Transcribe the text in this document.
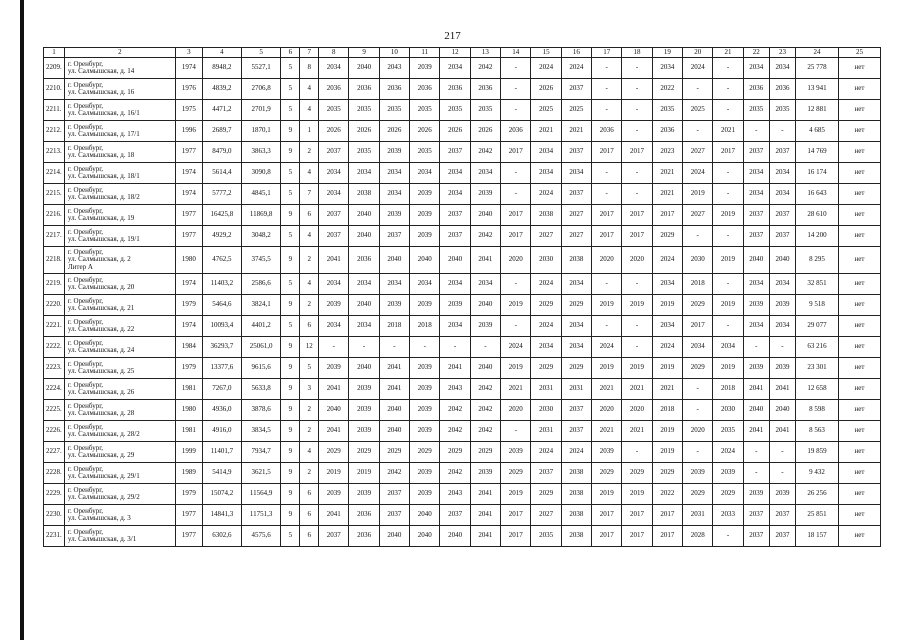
217
1	2	3	4	5	6	7	8	9	10	11	12	13	14	15	16	17	18	19	20	21	22	23	24	25
2209.	г. Оренбург,
ул. Салмышская, д. 14	1974	8948,2	5527,1	5	8	2034	2040	2043	2039	2034	2042	-	2024	2024	-	-	2034	2024	-	2034	2034	25 778	нет
2210.	г. Оренбург,
ул. Салмышская, д. 16	1976	4839,2	2706,8	5	4	2036	2036	2036	2036	2036	2036	-	2026	2037	-	-	2022	-	-	2036	2036	13 941	нет
2211.	г. Оренбург,
ул. Салмышская, д. 16/1	1975	4471,2	2701,9	5	4	2035	2035	2035	2035	2035	2035	-	2025	2025	-	-	2035	2025	-	2035	2035	12 881	нет
2212.	г. Оренбург,
ул. Салмышская, д. 17/1	1996	2689,7	1870,1	9	1	2026	2026	2026	2026	2026	2026	2036	2021	2021	2036	-	2036	-	2021	-	-	4 685	нет
2213.	г. Оренбург,
ул. Салмышская, д. 18	1977	8479,0	3863,3	9	2	2037	2035	2039	2035	2037	2042	2017	2034	2037	2017	2017	2023	2027	2017	2037	2037	14 769	нет
2214.	г. Оренбург,
ул. Салмышская, д. 18/1	1974	5614,4	3090,8	5	4	2034	2034	2034	2034	2034	2034	-	2034	2034	-	-	2021	2024	-	2034	2034	16 174	нет
2215.	г. Оренбург,
ул. Салмышская, д. 18/2	1974	5777,2	4845,1	5	7	2034	2038	2034	2039	2034	2039	-	2024	2037	-	-	2021	2019	-	2034	2034	16 643	нет
2216.	г. Оренбург,
ул. Салмышская, д. 19	1977	16425,8	11869,8	9	6	2037	2040	2039	2039	2037	2040	2017	2038	2027	2017	2017	2017	2027	2019	2037	2037	28 610	нет
2217.	г. Оренбург,
ул. Салмышская, д. 19/1	1977	4929,2	3048,2	5	4	2037	2040	2037	2039	2037	2042	2017	2027	2027	2017	2017	2029	-	-	2037	2037	14 200	нет
2218.	г. Оренбург,
ул. Салмышская, д. 2
Литер А	1980	4762,5	3745,5	9	2	2041	2036	2040	2040	2040	2041	2020	2030	2038	2020	2020	2024	2030	2019	2040	2040	8 295	нет
2219.	г. Оренбург,
ул. Салмышская, д. 20	1974	11403,2	2586,6	5	4	2034	2034	2034	2034	2034	2034	-	2024	2034	-	-	2034	2018	-	2034	2034	32 851	нет
2220.	г. Оренбург,
ул. Салмышская, д. 21	1979	5464,6	3824,1	9	2	2039	2040	2039	2039	2039	2040	2019	2029	2029	2019	2019	2019	2029	2019	2039	2039	9 518	нет
2221.	г. Оренбург,
ул. Салмышская, д. 22	1974	10093,4	4401,2	5	6	2034	2034	2018	2018	2034	2039	-	2024	2034	-	-	2034	2017	-	2034	2034	29 077	нет
2222.	г. Оренбург,
ул. Салмышская, д. 24	1984	36293,7	25061,0	9	12	-	-	-	-	-	-	2024	2034	2034	2024	-	2024	2034	2034	-	-	63 216	нет
2223.	г. Оренбург,
ул. Салмышская, д. 25	1979	13377,6	9615,6	9	5	2039	2040	2041	2039	2041	2040	2019	2029	2029	2019	2019	2019	2029	2019	2039	2039	23 301	нет
2224.	г. Оренбург,
ул. Салмышская, д. 26	1981	7267,0	5633,8	9	3	2041	2039	2041	2039	2043	2042	2021	2031	2031	2021	2021	2021	-	2018	2041	2041	12 658	нет
2225.	г. Оренбург,
ул. Салмышская, д. 28	1980	4936,0	3878,6	9	2	2040	2039	2040	2039	2042	2042	2020	2030	2037	2020	2020	2018	-	2030	2040	2040	8 598	нет
2226.	г. Оренбург,
ул. Салмышская, д. 28/2	1981	4916,0	3834,5	9	2	2041	2039	2040	2039	2042	2042	-	2031	2037	2021	2021	2019	2020	2035	2041	2041	8 563	нет
2227.	г. Оренбург,
ул. Салмышская, д. 29	1999	11401,7	7934,7	9	4	2029	2029	2029	2029	2029	2029	2039	2024	2024	2039	-	2019	-	2024	-	-	19 859	нет
2228.	г. Оренбург,
ул. Салмышская, д. 29/1	1989	5414,9	3621,5	9	2	2019	2019	2042	2039	2042	2039	2029	2037	2038	2029	2029	2029	2039	2039	-	-	9 432	нет
2229.	г. Оренбург,
ул. Салмышская, д. 29/2	1979	15074,2	11564,9	9	6	2039	2039	2037	2039	2043	2041	2019	2029	2038	2019	2019	2022	2029	2029	2039	2039	26 256	нет
2230.	г. Оренбург,
ул. Салмышская, д. 3	1977	14841,3	11751,3	9	6	2041	2036	2037	2040	2037	2041	2017	2027	2038	2017	2017	2017	2031	2033	2037	2037	25 851	нет
2231.	г. Оренбург,
ул. Салмышская, д. 3/1	1977	6302,6	4575,6	5	6	2037	2036	2040	2040	2040	2041	2017	2035	2038	2017	2017	2017	2028	-	2037	2037	18 157	нет
